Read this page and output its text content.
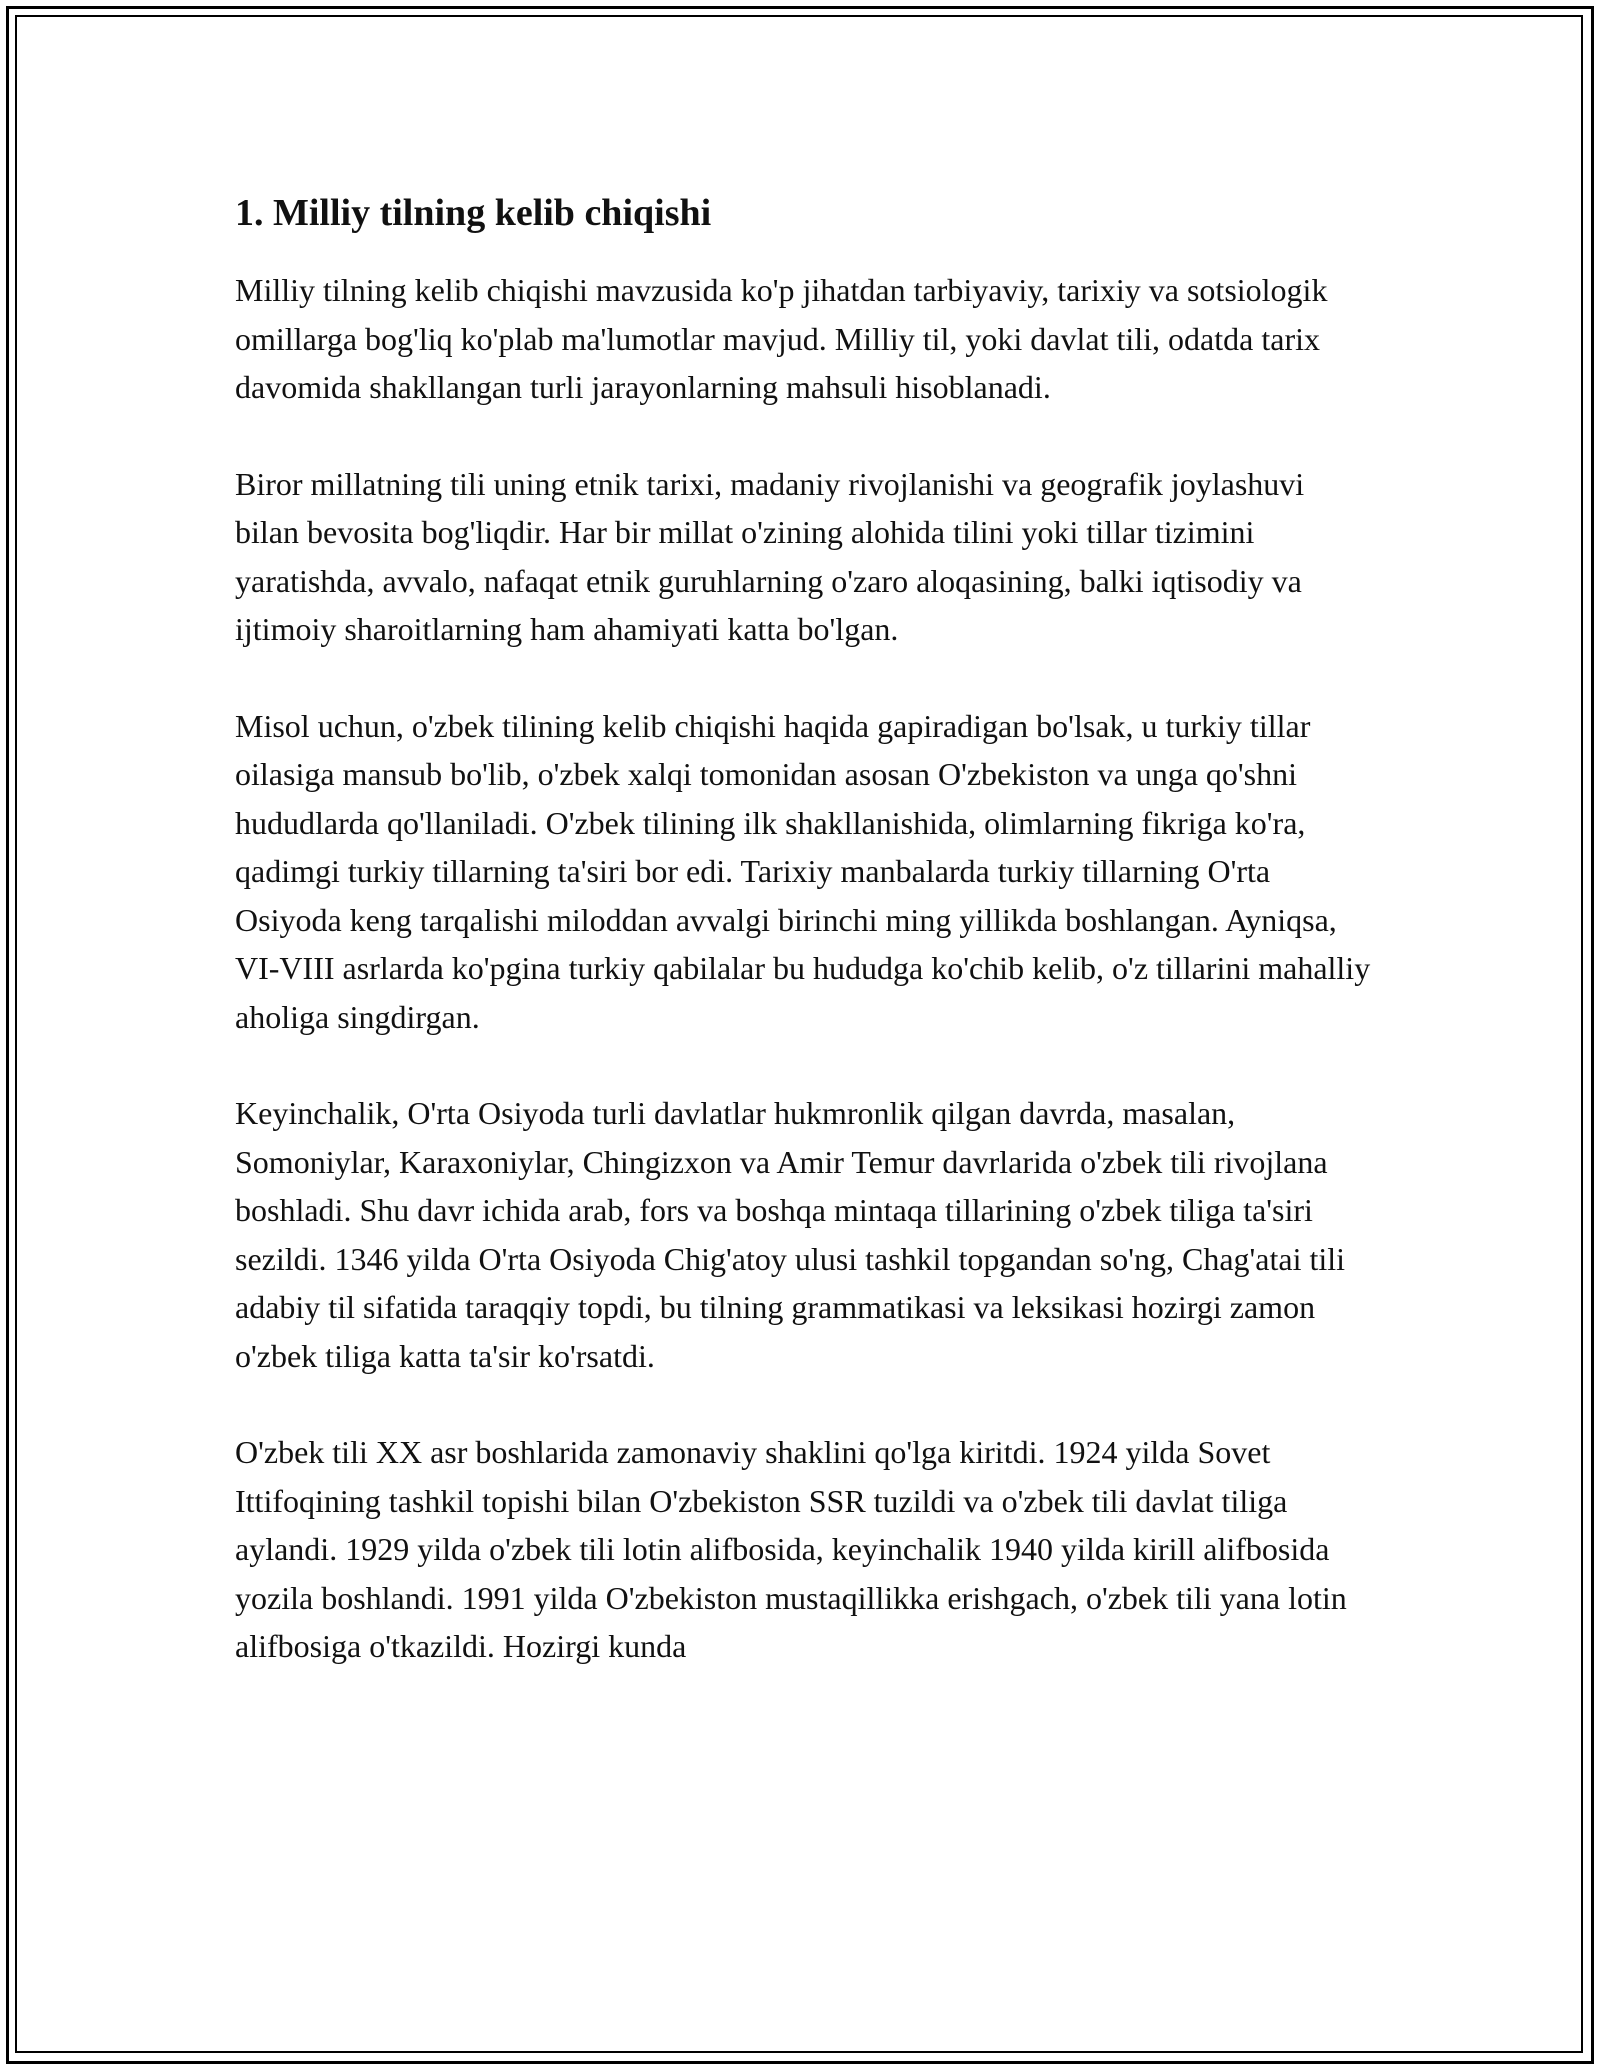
1. Milliy tilning kelib chiqishi

Milliy tilning kelib chiqishi mavzusida ko'p jihatdan tarbiyaviy, tarixiy va sotsiologik omillarga bog'liq ko'plab ma'lumotlar mavjud. Milliy til, yoki davlat tili, odatda tarix davomida shakllangan turli jarayonlarning mahsuli hisoblanadi.

Biror millatning tili uning etnik tarixi, madaniy rivojlanishi va geografik joylashuvi bilan bevosita bog'liqdir. Har bir millat o'zining alohida tilini yoki tillar tizimini yaratishda, avvalo, nafaqat etnik guruhlarning o'zaro aloqasining, balki iqtisodiy va ijtimoiy sharoitlarning ham ahamiyati katta bo'lgan.

Misol uchun, o'zbek tilining kelib chiqishi haqida gapiradigan bo'lsak, u turkiy tillar oilasiga mansub bo'lib, o'zbek xalqi tomonidan asosan O'zbekiston va unga qo'shni hududlarda qo'llaniladi. O'zbek tilining ilk shakllanishida, olimlarning fikriga ko'ra, qadimgi turkiy tillarning ta'siri bor edi. Tarixiy manbalarda turkiy tillarning O'rta Osiyoda keng tarqalishi miloddan avvalgi birinchi ming yillikda boshlangan. Ayniqsa, VI-VIII asrlarda ko'pgina turkiy qabilalar bu hududga ko'chib kelib, o'z tillarini mahalliy aholiga singdirgan.

Keyinchalik, O'rta Osiyoda turli davlatlar hukmronlik qilgan davrda, masalan, Somoniylar, Karaxoniylar, Chingizxon va Amir Temur davrlarida o'zbek tili rivojlana boshladi. Shu davr ichida arab, fors va boshqa mintaqa tillarining o'zbek tiliga ta'siri sezildi. 1346 yilda O'rta Osiyoda Chig'atoy ulusi tashkil topgandan so'ng, Chag'atai tili adabiy til sifatida taraqqiy topdi, bu tilning grammatikasi va leksikasi hozirgi zamon o'zbek tiliga katta ta'sir ko'rsatdi.

O'zbek tili XX asr boshlarida zamonaviy shaklini qo'lga kiritdi. 1924 yilda Sovet Ittifoqining tashkil topishi bilan O'zbekiston SSR tuzildi va o'zbek tili davlat tiliga aylandi. 1929 yilda o'zbek tili lotin alifbosida, keyinchalik 1940 yilda kirill alifbosida yozila boshlandi. 1991 yilda O'zbekiston mustaqillikka erishgach, o'zbek tili yana lotin alifbosiga o'tkazildi. Hozirgi kunda
